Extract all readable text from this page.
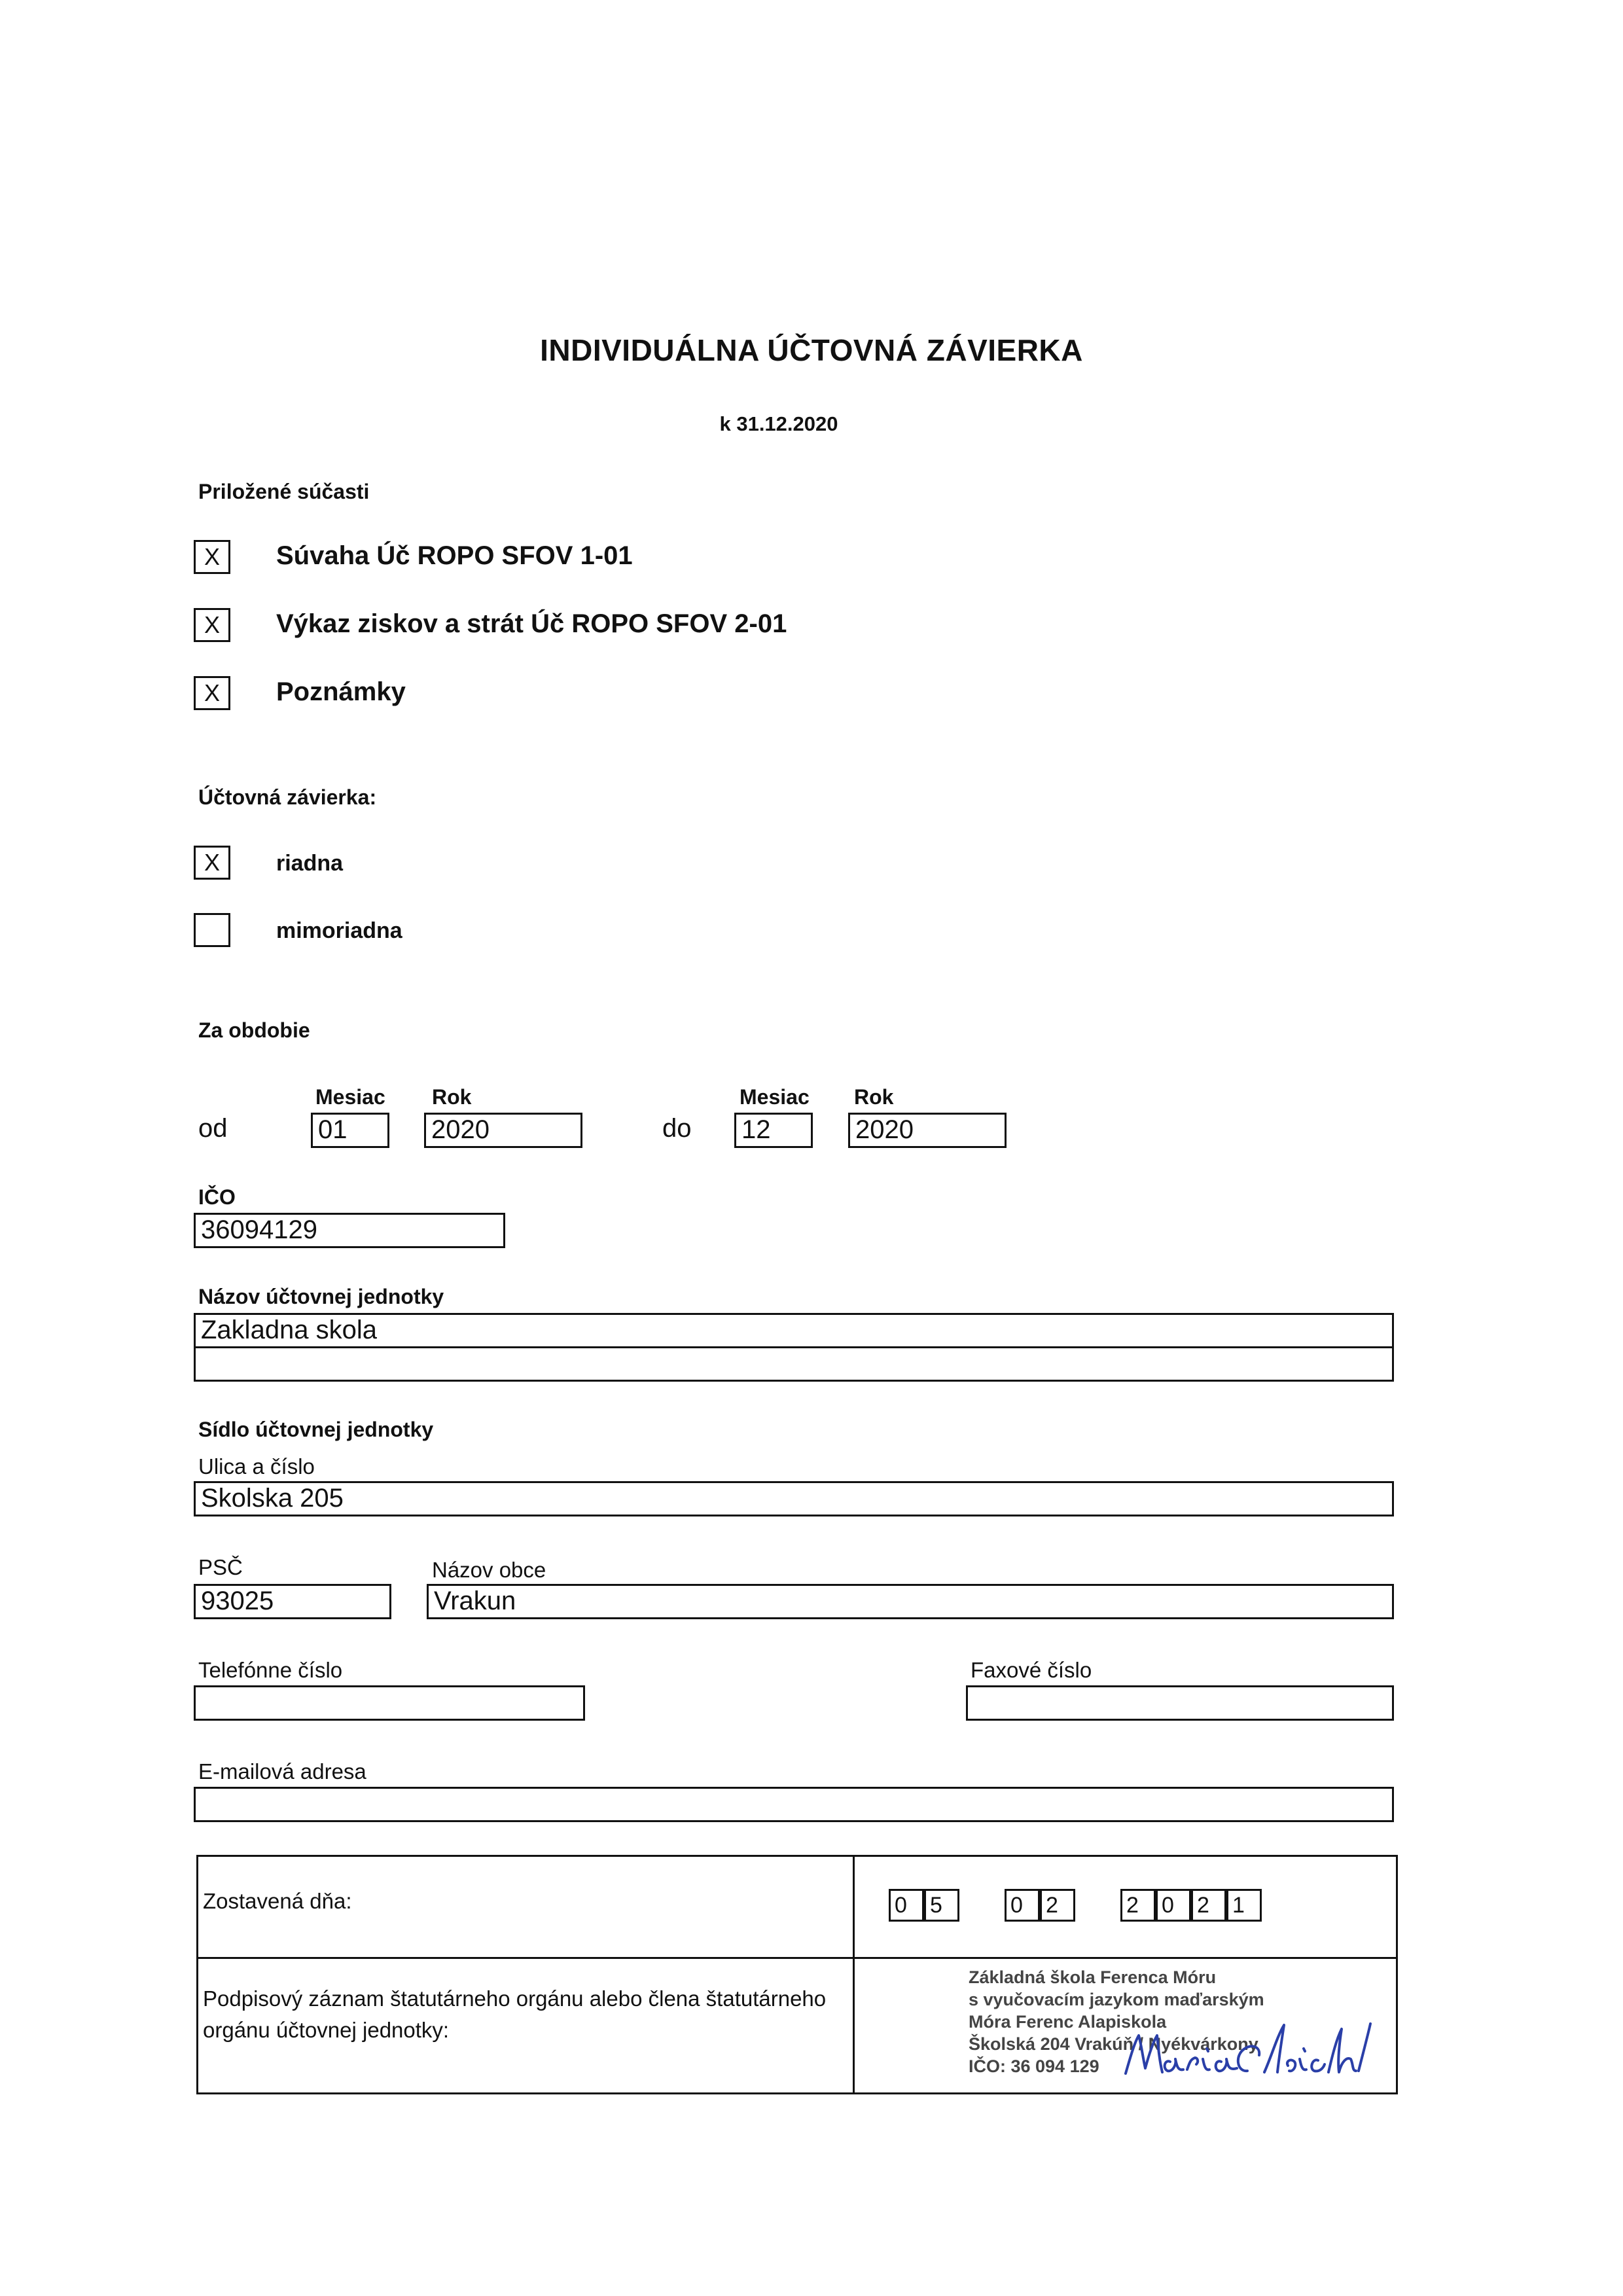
INDIVIDUÁLNA ÚČTOVNÁ ZÁVIERKA
k 31.12.2020
Priložené súčasti
X	Súvaha Úč ROPO SFOV 1-01
X	Výkaz ziskov a strát Úč ROPO SFOV 2-01
X	Poznámky
Účtovná závierka:
X	riadna
mimoriadna
Za obdobie
Mesiac Rok	Mesiac Rok
od	01	2020	do 12	2020
IČO
36094129
Názov účtovnej jednotky
Zakladna skola
Sídlo účtovnej jednotky
Ulica a číslo
Skolska 205
PSČ	Názov obce
93025	Vrakun
Telefónne číslo	Faxové číslo
E-mailová adresa
Zostavená dňa:	0	5	0	2	2	0	2	1
Podpisový záznam štatutárneho orgánu alebo člena štatutárneho orgánu účtovnej jednotky:
Základná škola Ferenca Móru
s vyučovacím jazykom maďarským
Móra Ferenc Alapiskola
Školská 204 Vrakúň / Nyékvárkony
IČO: 36 094 129
